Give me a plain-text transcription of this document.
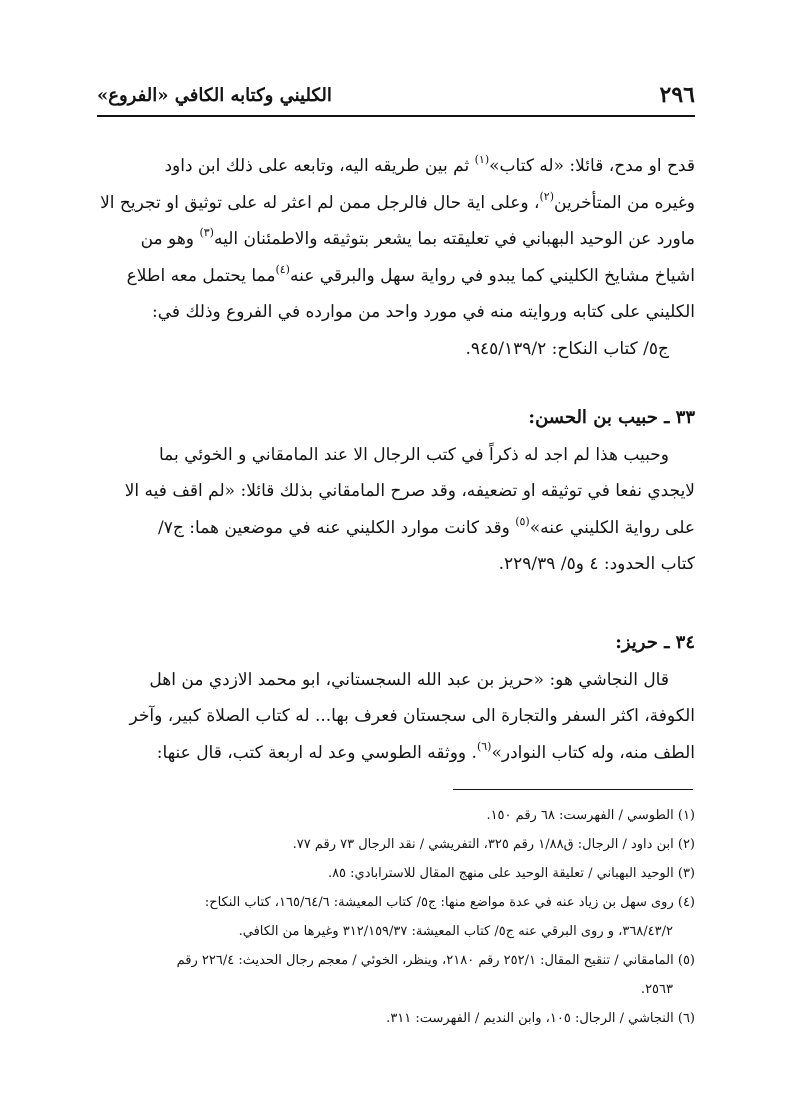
٢٩٦
الكليني وكتابه الكافي «الفروع»

قدح او مدح، قائلا: «له كتاب»$^{(١)}$ ثم بين طريقه اليه، وتابعه على ذلك ابن داود

وغيره من المتأخرين$^{(٢)}$، وعلى اية حال فالرجل ممن لم اعثر له على توثيق او تجريح الا

ماورد عن الوحيد البهباني في تعليقته بما يشعر بتوثيقه والاطمئنان اليه$^{(٣)}$ وهو من

اشياخ مشايخ الكليني كما يبدو في رواية سهل والبرقي عنه$^{(٤)}$مما يحتمل معه اطلاع

الكليني على كتابه وروايته منه في مورد واحد من موارده في الفروع وذلك في:

ج٥/ كتاب النكاح: ٩٤٥/١٣٩/٢.

٣٣ ـ حبيب بن الحسن:

وحبيب هذا لم اجد له ذكراً في كتب الرجال الا عند المامقاني و الخوئي بما

لايجدي نفعا في توثيقه او تضعيفه، وقد صرح المامقاني بذلك قائلا: «لم اقف فيه الا

على رواية الكليني عنه»$^{(٥)}$ وقد كانت موارد الكليني عنه في موضعين هما: ج٧/

كتاب الحدود: ٤ و٥/ ٢٢٩/٣٩.

٣٤ ـ حريز:

قال النجاشي هو: «حريز بن عبد الله السجستاني، ابو محمد الازدي من اهل

الكوفة، اكثر السفر والتجارة الى سجستان فعرف بها... له كتاب الصلاة كبير، وآخر

الطف منه، وله كتاب النوادر»$^{(٦)}$. ووثقه الطوسي وعد له اربعة كتب، قال عنها:

(١) الطوسي / الفهرست: ٦٨ رقم ١٥٠.

(٢) ابن داود / الرجال: ق١/٨٨ رقم ٣٢٥، التفريشي / نقد الرجال ٧٣ رقم ٧٧.

(٣) الوحيد البهباني / تعليقة الوحيد على منهج المقال للاسترابادي: ٨٥.

(٤) روى سهل بن زياد عنه في عدة مواضع منها: ج٥/ كتاب المعيشة: ١٦٥/٦٤/٦، كتاب النكاح:

٣٦٨/٤٣/٢، و روى البرقي عنه ج٥/ كتاب المعيشة: ٣١٢/١٥٩/٣٧ وغيرها من الكافي.

(٥) المامقاني / تنقيح المقال: ٢٥٢/١ رقم ٢١٨٠، وينظر، الخوئي / معجم رجال الحديث: ٢٢٦/٤ رقم

٢٥٦٣.

(٦) النجاشي / الرجال: ١٠٥، وابن النديم / الفهرست: ٣١١.
